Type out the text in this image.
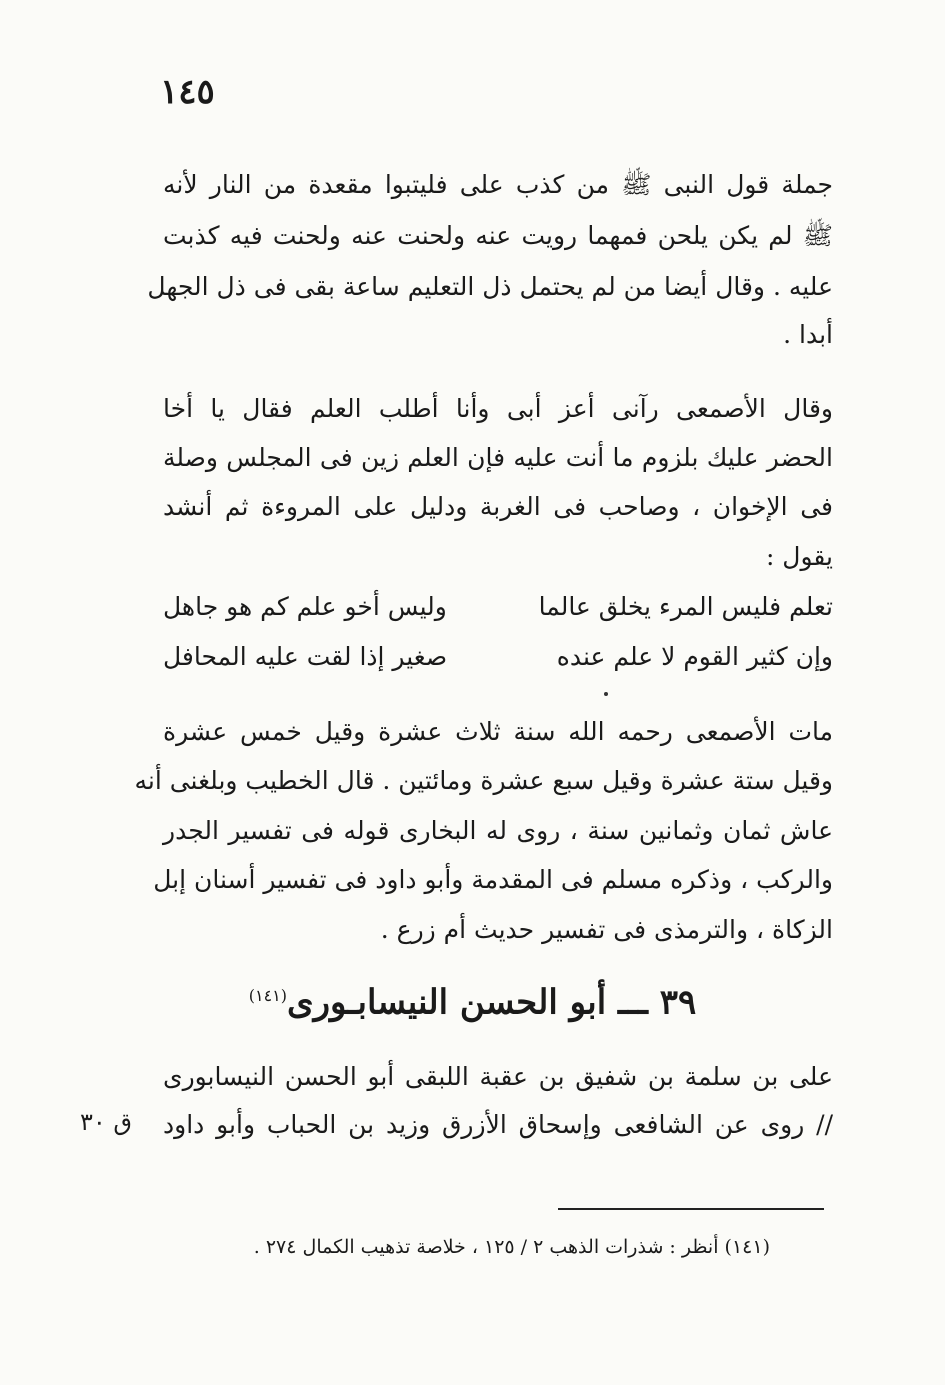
١٤٥
جملة قول النبى ﷺ من كذب على فليتبوا مقعدة من النار لأنه
ﷺ لم يكن يلحن فمهما رويت عنه ولحنت عنه ولحنت فيه كذبت
عليه . وقال أيضا من لم يحتمل ذل التعليم ساعة بقى فى ذل الجهل
أبدا .
وقال الأصمعى رآنى أعز أبى وأنا أطلب العلم فقال يا أخا
الحضر عليك بلزوم ما أنت عليه فإن العلم زين فى المجلس وصلة
فى الإخوان ، وصاحب فى الغربة ودليل على المروءة ثم أنشد
يقول :
تعلم فليس المرء يخلق عالما
وليس أخو علم كم هو جاهل
وإن كثير القوم لا علم عنده
صغير إذا لقت عليه المحافل
مات الأصمعى رحمه الله سنة ثلاث عشرة وقيل خمس عشرة
وقيل ستة عشرة وقيل سبع عشرة ومائتين . قال الخطيب وبلغنى أنه
عاش ثمان وثمانين سنة ، روى له البخارى قوله فى تفسير الجدر
والركب ، وذكره مسلم فى المقدمة وأبو داود فى تفسير أسنان إبل
الزكاة ، والترمذى فى تفسير حديث أم زرع .
٣٩ ـــ أبو الحسن النيسابـورى$^{(١٤١)}$
على بن سلمة بن شفيق بن عقبة اللبقى أبو الحسن النيسابورى
// روى عن الشافعى وإسحاق الأزرق وزيد بن الحباب وأبو داود
ق ٣٠
(١٤١) أنظر : شذرات الذهب ٢ / ١٢٥ ، خلاصة تذهيب الكمال ٢٧٤ .
